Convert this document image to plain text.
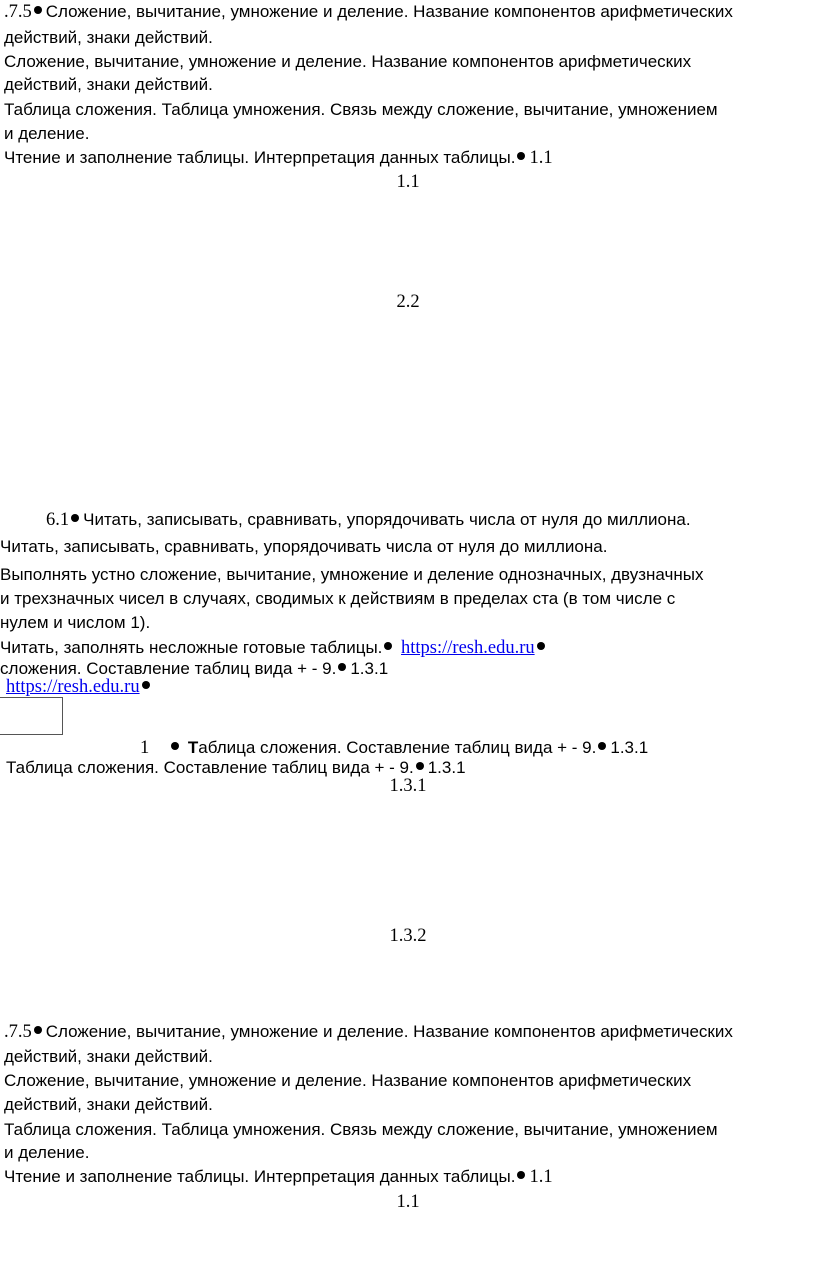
.7.5 Сложение, вычитание, умножение и деление. Название компонентов арифметических
действий, знаки действий.
Сложение, вычитание, умножение и деление. Название компонентов арифметических
действий, знаки действий.
Таблица сложения. Таблица умножения. Связь между сложение, вычитание, умножением
и деление.
Чтение и заполнение таблицы. Интерпретация данных таблицы. 1.1
1.1
2.2
6.1 Читать, записывать, сравнивать, упорядочивать числа от нуля до миллиона.
Читать, записывать, сравнивать, упорядочивать числа от нуля до миллиона.
Выполнять устно сложение, вычитание, умножение и деление однозначных, двузначных
и трехзначных чисел в случаях, сводимых к действиям в пределах ста (в том числе с
нулем и числом 1).
Читать, заполнять несложные готовые таблицы. https://resh.edu.ru
сложения. Составление таблиц вида + - 9. 1.3.1
https://resh.edu.ru
1 Таблица сложения. Составление таблиц вида + - 9. 1.3.1
Таблица сложения. Составление таблиц вида + - 9. 1.3.1
1.3.1
1.3.2
.7.5 Сложение, вычитание, умножение и деление. Название компонентов арифметических
действий, знаки действий.
Сложение, вычитание, умножение и деление. Название компонентов арифметических
действий, знаки действий.
Таблица сложения. Таблица умножения. Связь между сложение, вычитание, умножением
и деление.
Чтение и заполнение таблицы. Интерпретация данных таблицы. 1.1
1.1
